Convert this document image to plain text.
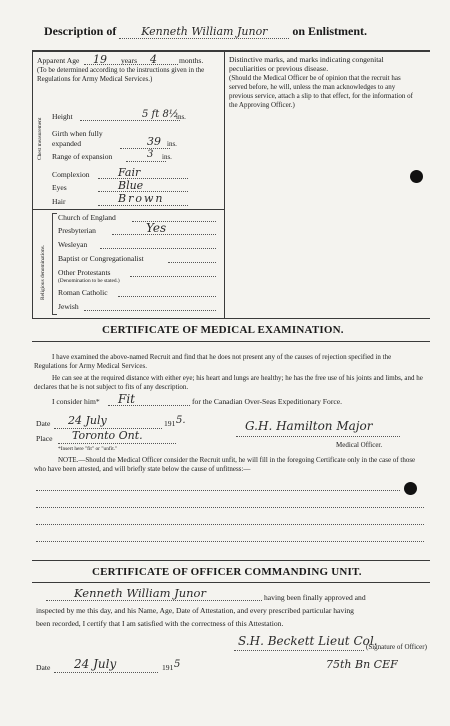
Description of Kenneth William Junor on Enlistment.
Apparent Age 19 years 4	months.
(To be determined according to the instructions given in the Regulations for Army Medical Services.)
Height	5 ft 8½
ins.
Chest measurement Girth when fully expanded	39 ins.
Range of expansion	3 ins.
Complexion	Fair
Eyes	Blue
Hair	Brown
Religious denominations.
Church of England
Presbyterian	Yes
Wesleyan
Baptist or Congregationalist
Other Protestants
(Denomination to be stated.)
Roman Catholic
Jewish
Distinctive marks, and marks indicating congenital peculiarities or previous disease.
(Should the Medical Officer be of opinion that the recruit has served before, he will, unless the man acknowledges to any previous service, attach a slip to that effect, for the information of the Approving Officer.)
CERTIFICATE OF MEDICAL EXAMINATION.
I have examined the above-named Recruit and find that he does not present any of the causes of rejection specified in the Regulations for Army Medical Services.
He can see at the required distance with either eye; his heart and lungs are healthy; he has the free use of his joints and limbs, and he declares that he is not subject to fits of any description.
I consider him* Fit	for the Canadian Over-Seas Expeditionary Force.
Date 24 July	191 5.
Place Toronto Ont.
G.H. Hamilton Major
Medical Officer.
*Insert here "fit" or "unfit."
NOTE.—Should the Medical Officer consider the Recruit unfit, he will fill in the foregoing Certificate only in the case of those who have been attested, and will briefly state below the cause of unfitness:—
CERTIFICATE OF OFFICER COMMANDING UNIT.
Kenneth William Junor	having been finally approved and
inspected by me this day, and his Name, Age, Date of Attestation, and every prescribed particular having
been recorded, I certify that I am satisfied with the correctness of this Attestation.
S.H. Beckett Lieut Col.
(Signature of Officer)
75th Bn CEF
Date 24 July	191 5
